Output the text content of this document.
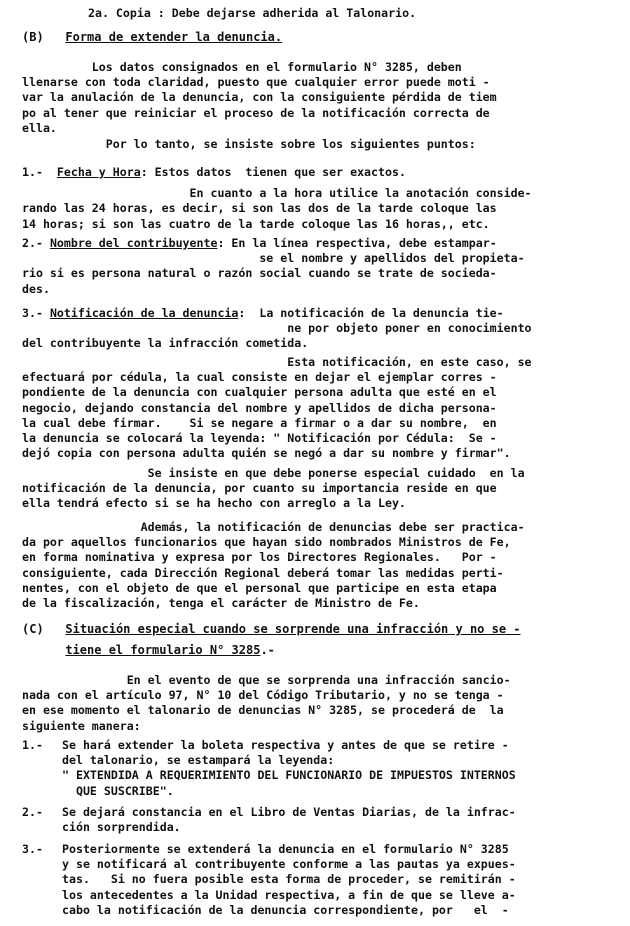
2a. Copia : Debe dejarse adherida al Talonario.
(B) Forma de extender la denuncia.
Los datos consignados en el formulario N° 3285, deben
llenarse con toda claridad, puesto que cualquier error puede moti -
var la anulación de la denuncia, con la consiguiente pérdida de tiem
po al tener que reiniciar el proceso de la notificación correcta de
ella.
Por lo tanto, se insiste sobre los siguientes puntos:
1.- Fecha y Hora: Estos datos  tienen que ser exactos.
En cuanto a la hora utilice la anotación conside-
rando las 24 horas, es decir, si son las dos de la tarde coloque las
14 horas; si son las cuatro de la tarde coloque las 16 horas,, etc.
2.- Nombre del contribuyente: En la línea respectiva, debe estampar-
se el nombre y apellidos del propieta-
rio si es persona natural o razón social cuando se trate de socieda-
des.
3.- Notificación de la denuncia:  La notificación de la denuncia tie-
ne por objeto poner en conocimiento
del contribuyente la infracción cometida.
Esta notificación, en este caso, se
efectuará por cédula, la cual consiste en dejar el ejemplar corres -
pondiente de la denuncia con cualquier persona adulta que esté en el
negocio, dejando constancia del nombre y apellidos de dicha persona-
la cual debe firmar.    Si se negare a firmar o a dar su nombre,  en
la denuncia se colocará la leyenda: " Notificación por Cédula:  Se -
dejó copia con persona adulta quién se negó a dar su nombre y firmar".
Se insiste en que debe ponerse especial cuidado  en la
notificación de la denuncia, por cuanto su importancia reside en que
ella tendrá efecto si se ha hecho con arreglo a la Ley.
Además, la notificación de denuncias debe ser practica-
da por aquellos funcionarios que hayan sido nombrados Ministros de Fe,
en forma nominativa y expresa por los Directores Regionales.   Por -
consiguiente, cada Dirección Regional deberá tomar las medidas perti-
nentes, con el objeto de que el personal que participe en esta etapa
de la fiscalización, tenga el carácter de Ministro de Fe.
(C) Situación especial cuando se sorprende una infracción y no se -
tiene el formulario N° 3285.-
En el evento de que se sorprenda una infracción sancio-
nada con el artículo 97, N° 10 del Código Tributario, y no se tenga -
en ese momento el talonario de denuncias N° 3285, se procederá de  la
siguiente manera:
1.- Se hará extender la boleta respectiva y antes de que se retire -
del talonario, se estampará la leyenda:
" EXTENDIDA A REQUERIMIENTO DEL FUNCIONARIO DE IMPUESTOS INTERNOS
QUE SUSCRIBE".
2.- Se dejará constancia en el Libro de Ventas Diarias, de la infrac-
ción sorprendida.
3.- Posteriormente se extenderá la denuncia en el formulario N° 3285
y se notificará al contribuyente conforme a las pautas ya expues-
tas.   Si no fuera posible esta forma de proceder, se remitirán -
los antecedentes a la Unidad respectiva, a fin de que se lleve a-
cabo la notificación de la denuncia correspondiente, por   el  -
